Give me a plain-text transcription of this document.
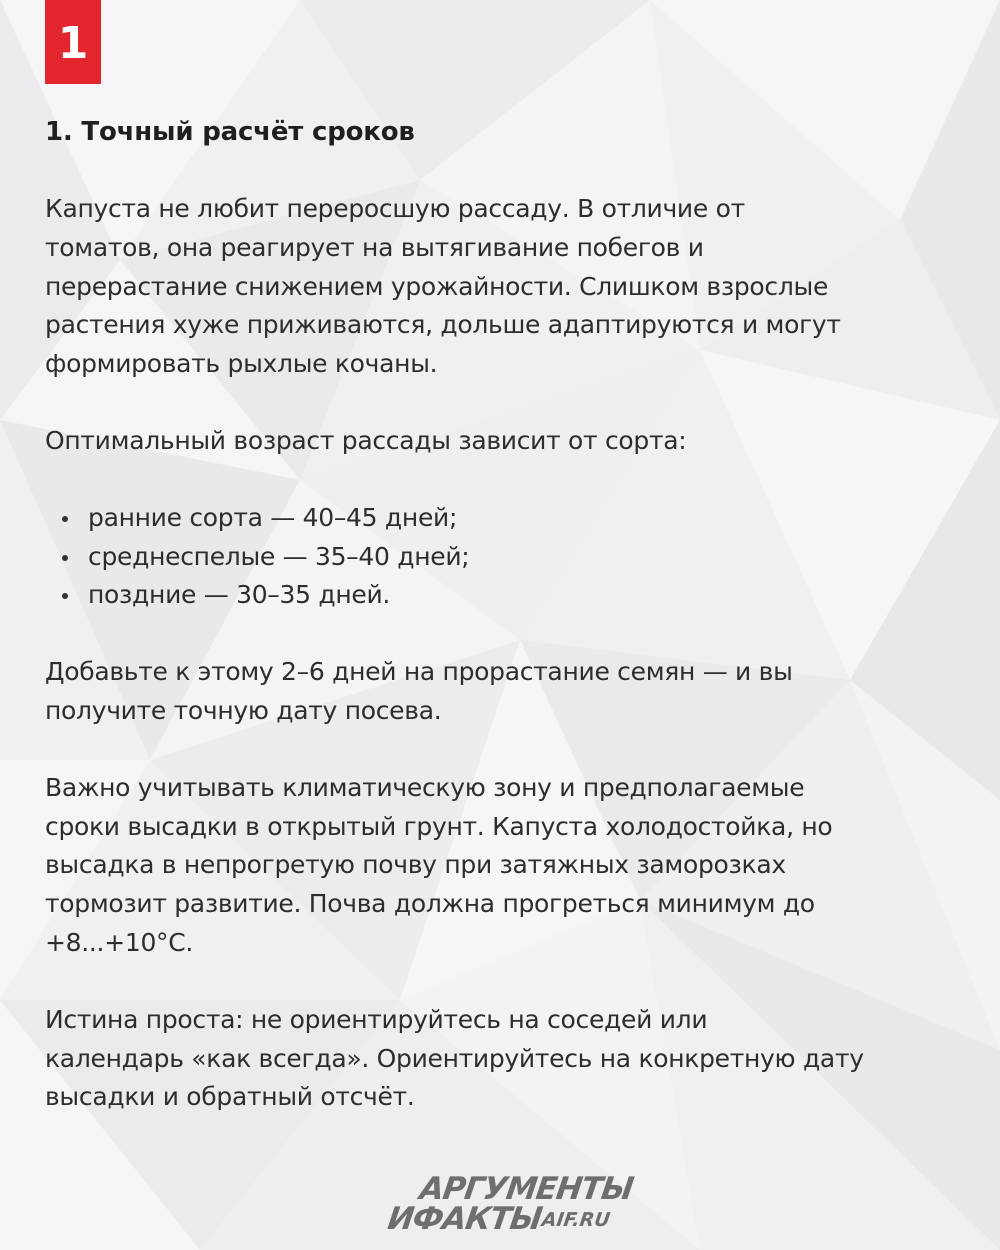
1
1. Точный расчёт сроков

Капуста не любит переросшую рассаду. В отличие от
томатов, она реагирует на вытягивание побегов и
перерастание снижением урожайности. Слишком взрослые
растения хуже приживаются, дольше адаптируются и могут
формировать рыхлые кочаны.

Оптимальный возраст рассады зависит от сорта:

ранние сорта — 40–45 дней;
среднеспелые — 35–40 дней;
поздние — 30–35 дней.

Добавьте к этому 2–6 дней на прорастание семян — и вы
получите точную дату посева.

Важно учитывать климатическую зону и предполагаемые
сроки высадки в открытый грунт. Капуста холодостойка, но
высадка в непрогретую почву при затяжных заморозках
тормозит развитие. Почва должна прогреться минимум до
+8...+10°С.

Истина проста: не ориентируйтесь на соседей или
календарь «как всегда». Ориентируйтесь на конкретную дату
высадки и обратный отсчёт.

АРГУМЕНТЫ
ИФАКТЫ
AIF.RU
